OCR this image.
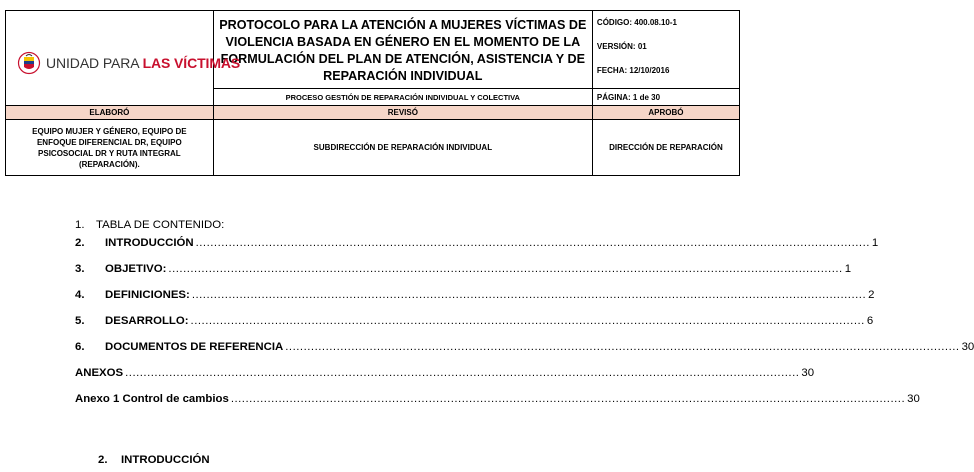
UNIDAD PARA LAS VÍCTIMAS	PROTOCOLO PARA LA ATENCIÓN A MUJERES VÍCTIMAS DE VIOLENCIA BASADA EN GÉNERO EN EL MOMENTO DE LA FORMULACIÓN DEL PLAN DE ATENCIÓN, ASISTENCIA Y DE REPARACIÓN INDIVIDUAL	CÓDIGO: 400.08.10-1
VERSIÓN: 01
FECHA: 12/10/2016

	PROCESO GESTIÓN DE REPARACIÓN INDIVIDUAL Y COLECTIVA	PÁGINA: 1 de 30
ELABORÓ	REVISÓ	APROBÓ
EQUIPO MUJER Y GÉNERO, EQUIPO DE ENFOQUE DIFERENCIAL DR, EQUIPO PSICOSOCIAL DR Y RUTA INTEGRAL (REPARACIÓN).	SUBDIRECCIÓN DE REPARACIÓN INDIVIDUAL	DIRECCIÓN DE REPARACIÓN
1. TABLA DE CONTENIDO:
2.	INTRODUCCIÓN ........................................................................................................................................................................................ 1
3.	OBJETIVO: ........................................................................................................................................................................................ 1
4.	DEFINICIONES: ........................................................................................................................................................................................ 2
5.	DESARROLLO: ........................................................................................................................................................................................ 6
6.	DOCUMENTOS DE REFERENCIA ........................................................................................................................................................................................ 30
ANEXOS ........................................................................................................................................................................................ 30
Anexo 1 Control de cambios ........................................................................................................................................................................................ 30
2. INTRODUCCIÓN
